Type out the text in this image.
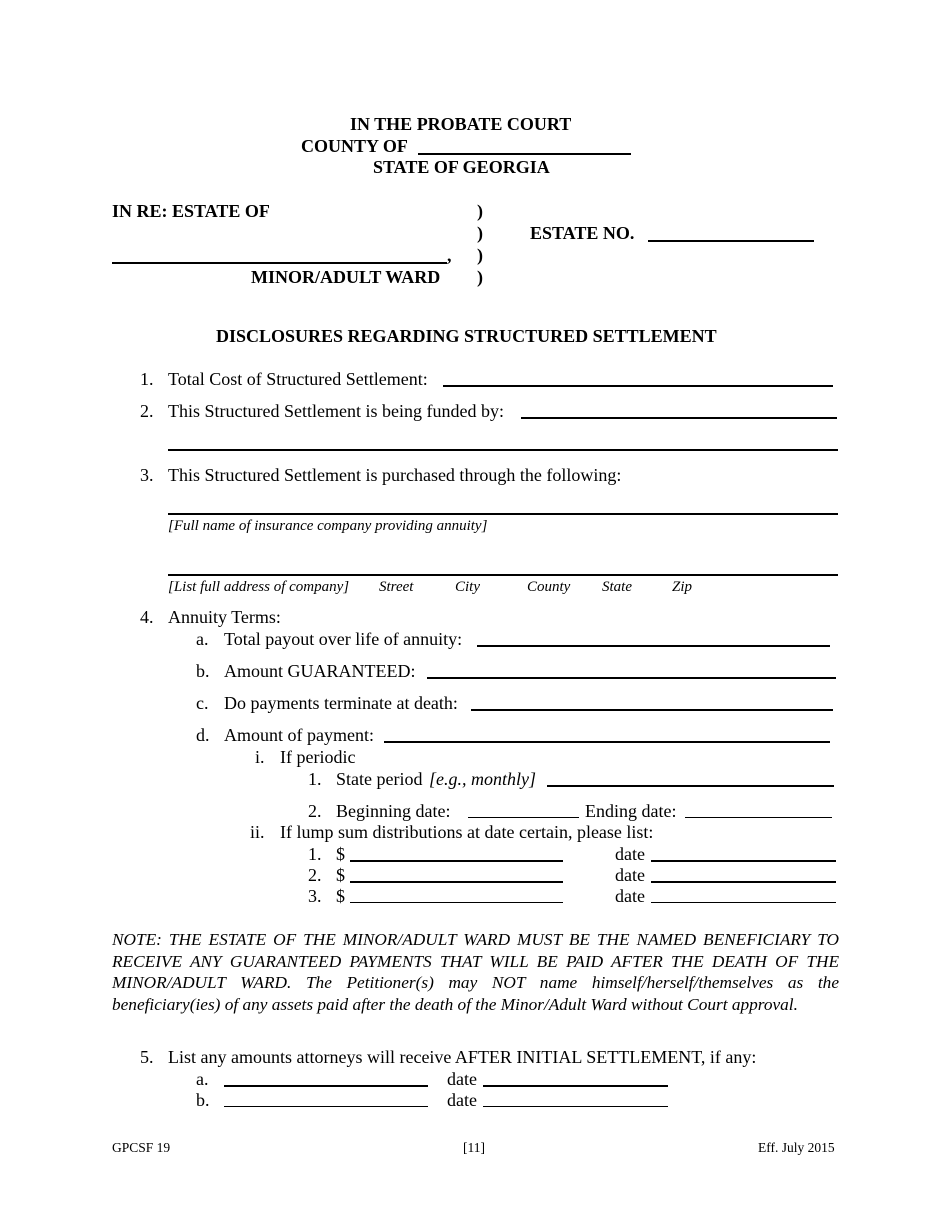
IN THE PROBATE COURT
COUNTY OF
STATE OF GEORGIA
IN RE: ESTATE OF
,
MINOR/ADULT WARD
)
)
)
)
ESTATE NO.
DISCLOSURES REGARDING STRUCTURED SETTLEMENT
1. Total Cost of Structured Settlement:
2. This Structured Settlement is being funded by:
3. This Structured Settlement is purchased through the following:
[Full name of insurance company providing annuity]
[List full address of company] Street	City	County State	Zip
4. Annuity Terms:
a. Total payout over life of annuity:
b. Amount GUARANTEED:
c. Do payments terminate at death:
d. Amount of payment:
i. If periodic
1. State period [e.g., monthly]
2. Beginning date:	Ending date:
ii. If lump sum distributions at date certain, please list:
1. $	date
2. $	date
3. $	date
NOTE: THE ESTATE OF THE MINOR/ADULT WARD MUST BE THE NAMED BENEFICIARY TO RECEIVE ANY GUARANTEED PAYMENTS THAT WILL BE PAID AFTER THE DEATH OF THE MINOR/ADULT WARD. The Petitioner(s) may NOT name himself/herself/themselves as the beneficiary(ies) of any assets paid after the death of the Minor/Adult Ward without Court approval.
5. List any amounts attorneys will receive AFTER INITIAL SETTLEMENT, if any:
a.	date
b.	date
GPCSF 19	[11]	Eff. July 2015
